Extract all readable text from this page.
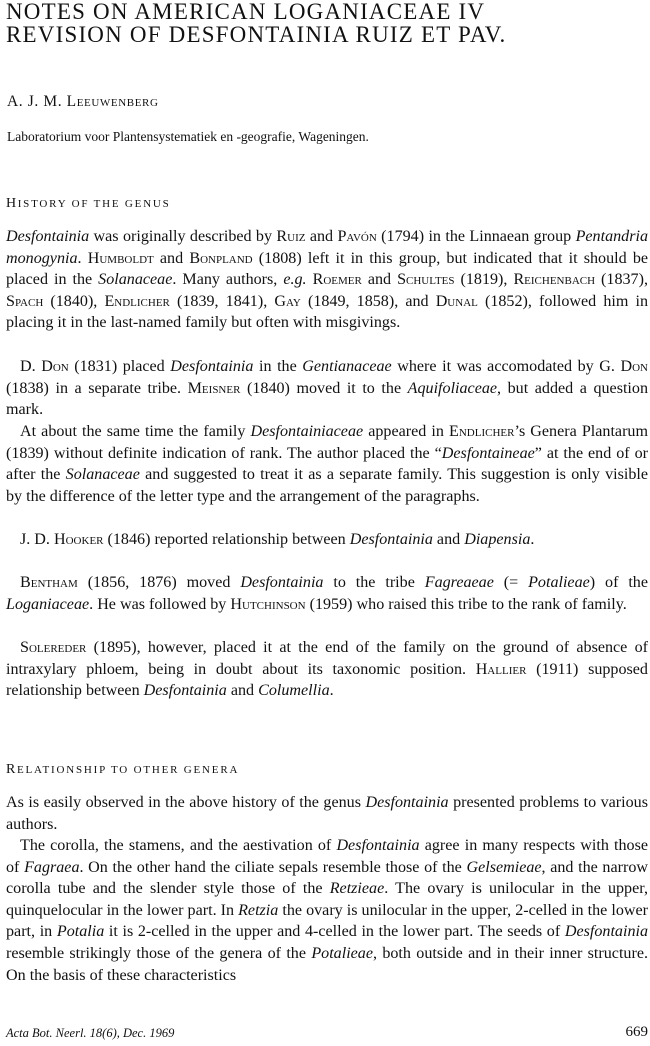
NOTES ON AMERICAN LOGANIACEAE IV
REVISION OF DESFONTAINIA RUIZ ET PAV.
A. J. M. Leeuwenberg
Laboratorium voor Plantensystematiek en -geografie, Wageningen.
HISTORY OF THE GENUS

Desfontainia was originally described by Ruiz and Pavón (1794) in the Linnaean group Pentandria monogynia. Humboldt and Bonpland (1808) left it in this group, but indicated that it should be placed in the Solanaceae. Many authors, e.g. Roemer and Schultes (1819), Reichenbach (1837), Spach (1840), Endlicher (1839, 1841), Gay (1849, 1858), and Dunal (1852), followed him in placing it in the last-named family but often with misgivings.

D. Don (1831) placed Desfontainia in the Gentianaceae where it was accomodated by G. Don (1838) in a separate tribe. Meisner (1840) moved it to the Aquifoliaceae, but added a question mark.

At about the same time the family Desfontainiaceae appeared in Endlicher’s Genera Plantarum (1839) without definite indication of rank. The author placed the “Desfontaineae” at the end of or after the Solanaceae and suggested to treat it as a separate family. This suggestion is only visible by the difference of the letter type and the arrangement of the paragraphs.

J. D. Hooker (1846) reported relationship between Desfontainia and Diapensia.

Bentham (1856, 1876) moved Desfontainia to the tribe Fagreaeae (= Potalieae) of the Loganiaceae. He was followed by Hutchinson (1959) who raised this tribe to the rank of family.

Solereder (1895), however, placed it at the end of the family on the ground of absence of intraxylary phloem, being in doubt about its taxonomic position. Hallier (1911) supposed relationship between Desfontainia and Columellia.

RELATIONSHIP TO OTHER GENERA

As is easily observed in the above history of the genus Desfontainia presented problems to various authors.

The corolla, the stamens, and the aestivation of Desfontainia agree in many respects with those of Fagraea. On the other hand the ciliate sepals resemble those of the Gelsemieae, and the narrow corolla tube and the slender style those of the Retzieae. The ovary is unilocular in the upper, quinquelocular in the lower part. In Retzia the ovary is unilocular in the upper, 2-celled in the lower part, in Potalia it is 2-celled in the upper and 4-celled in the lower part. The seeds of Desfontainia resemble strikingly those of the genera of the Potalieae, both outside and in their inner structure. On the basis of these characteristics

Acta Bot. Neerl. 18(6), Dec. 1969	669
